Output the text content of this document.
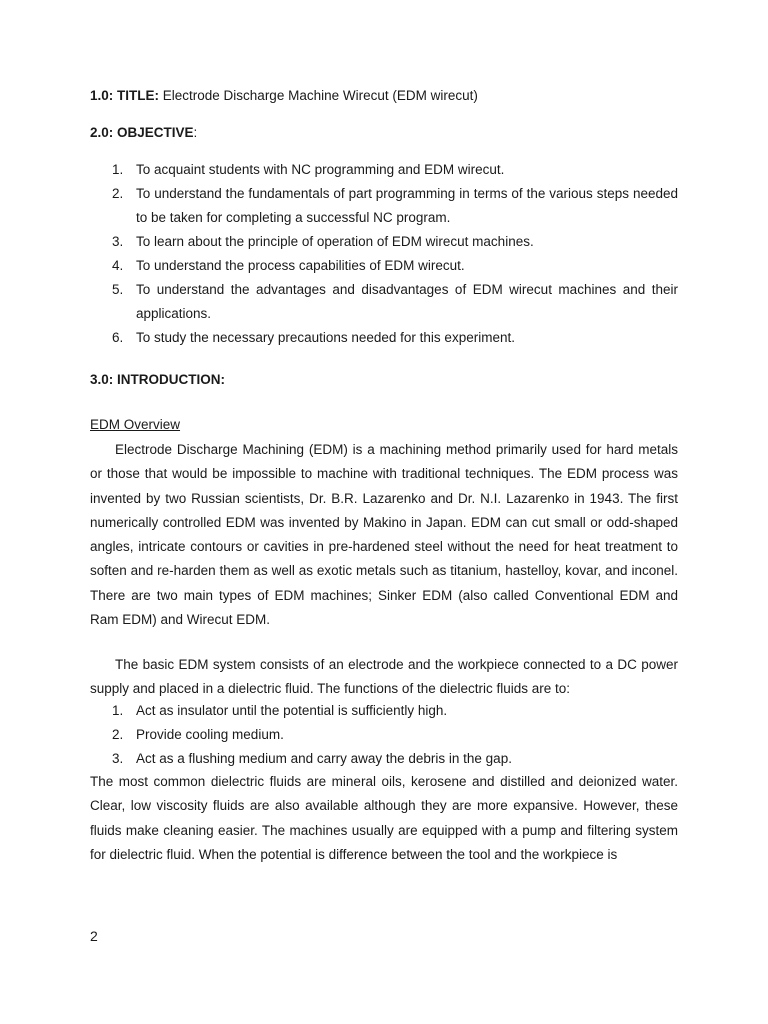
1.0: TITLE: Electrode Discharge Machine Wirecut (EDM wirecut)
2.0: OBJECTIVE:
1. To acquaint students with NC programming and EDM wirecut.
2. To understand the fundamentals of part programming in terms of the various steps needed to be taken for completing a successful NC program.
3. To learn about the principle of operation of EDM wirecut machines.
4. To understand the process capabilities of EDM wirecut.
5. To understand the advantages and disadvantages of EDM wirecut machines and their applications.
6. To study the necessary precautions needed for this experiment.
3.0: INTRODUCTION:
EDM Overview

Electrode Discharge Machining (EDM) is a machining method primarily used for hard metals or those that would be impossible to machine with traditional techniques. The EDM process was invented by two Russian scientists, Dr. B.R. Lazarenko and Dr. N.I. Lazarenko in 1943. The first numerically controlled EDM was invented by Makino in Japan. EDM can cut small or odd-shaped angles, intricate contours or cavities in pre-hardened steel without the need for heat treatment to soften and re-harden them as well as exotic metals such as titanium, hastelloy, kovar, and inconel. There are two main types of EDM machines; Sinker EDM (also called Conventional EDM and Ram EDM) and Wirecut EDM.

The basic EDM system consists of an electrode and the workpiece connected to a DC power supply and placed in a dielectric fluid. The functions of the dielectric fluids are to:

1. Act as insulator until the potential is sufficiently high.
2. Provide cooling medium.
3. Act as a flushing medium and carry away the debris in the gap.

The most common dielectric fluids are mineral oils, kerosene and distilled and deionized water. Clear, low viscosity fluids are also available although they are more expansive. However, these fluids make cleaning easier. The machines usually are equipped with a pump and filtering system for dielectric fluid. When the potential is difference between the tool and the workpiece is

2
